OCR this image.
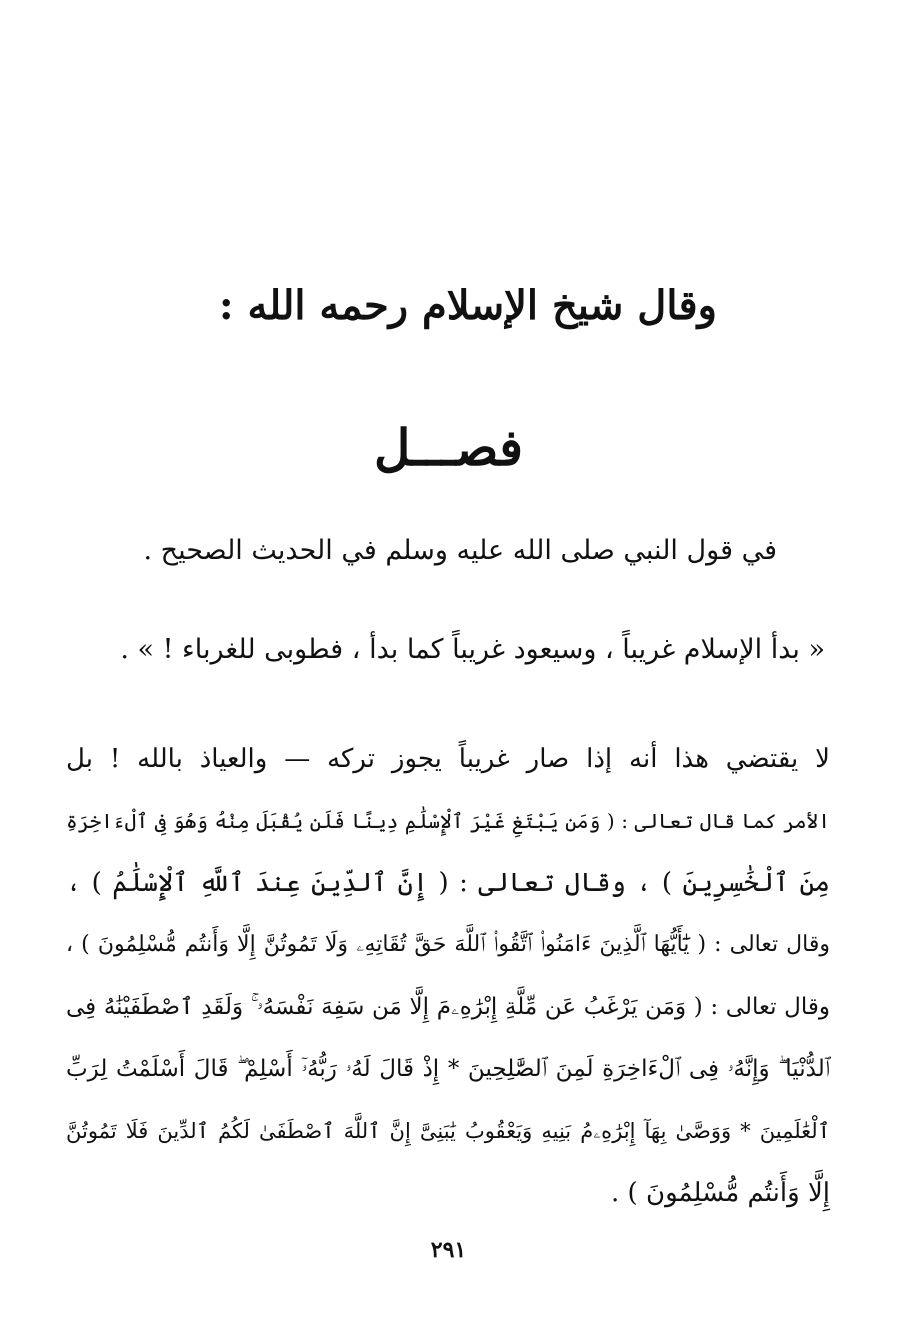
وقال شيخ الإسلام رحمه الله :
فصـــل
في قول النبي صلى الله عليه وسلم في الحديث الصحيح .
« بدأ الإسلام غريباً ، وسيعود غريباً كما بدأ ، فطوبى للغرباء ! » .
لا يقتضي هذا أنه إذا صار غريباً يجوز تركه — والعياذ بالله ! بل
الأمر كما قال تعالى : ( وَمَن يَبْتَغِ غَيْرَ ٱلْإِسْلَٰمِ دِينًا فَلَن يُقْبَلَ مِنْهُ وَهُوَ فِى ٱلْءَاخِرَةِ
مِنَ ٱلْخَٰسِرِينَ ) ، وقال تعالى : ( إِنَّ ٱلدِّينَ عِندَ ٱللَّهِ ٱلْإِسْلَٰمُ ) ،
وقال تعالى : ( يَٰٓأَيُّهَا ٱلَّذِينَ ءَامَنُوا۟ ٱتَّقُوا۟ ٱللَّهَ حَقَّ تُقَاتِهِۦ وَلَا تَمُوتُنَّ إِلَّا وَأَنتُم مُّسْلِمُونَ ) ،
وقال تعالى : ( وَمَن يَرْغَبُ عَن مِّلَّةِ إِبْرَٰهِۦمَ إِلَّا مَن سَفِهَ نَفْسَهُۥ ۚ وَلَقَدِ ٱصْطَفَيْنَٰهُ فِى
ٱلدُّنْيَا ۖ وَإِنَّهُۥ فِى ٱلْءَاخِرَةِ لَمِنَ ٱلصَّٰلِحِينَ * إِذْ قَالَ لَهُۥ رَبُّهُۥٓ أَسْلِمْ ۖ قَالَ أَسْلَمْتُ لِرَبِّ
ٱلْعَٰلَمِينَ * وَوَصَّىٰ بِهَآ إِبْرَٰهِۦمُ بَنِيهِ وَيَعْقُوبُ يَٰبَنِىَّ إِنَّ ٱللَّهَ ٱصْطَفَىٰ لَكُمُ ٱلدِّينَ فَلَا تَمُوتُنَّ
إِلَّا وَأَنتُم مُّسْلِمُونَ ) .
٢٩١
